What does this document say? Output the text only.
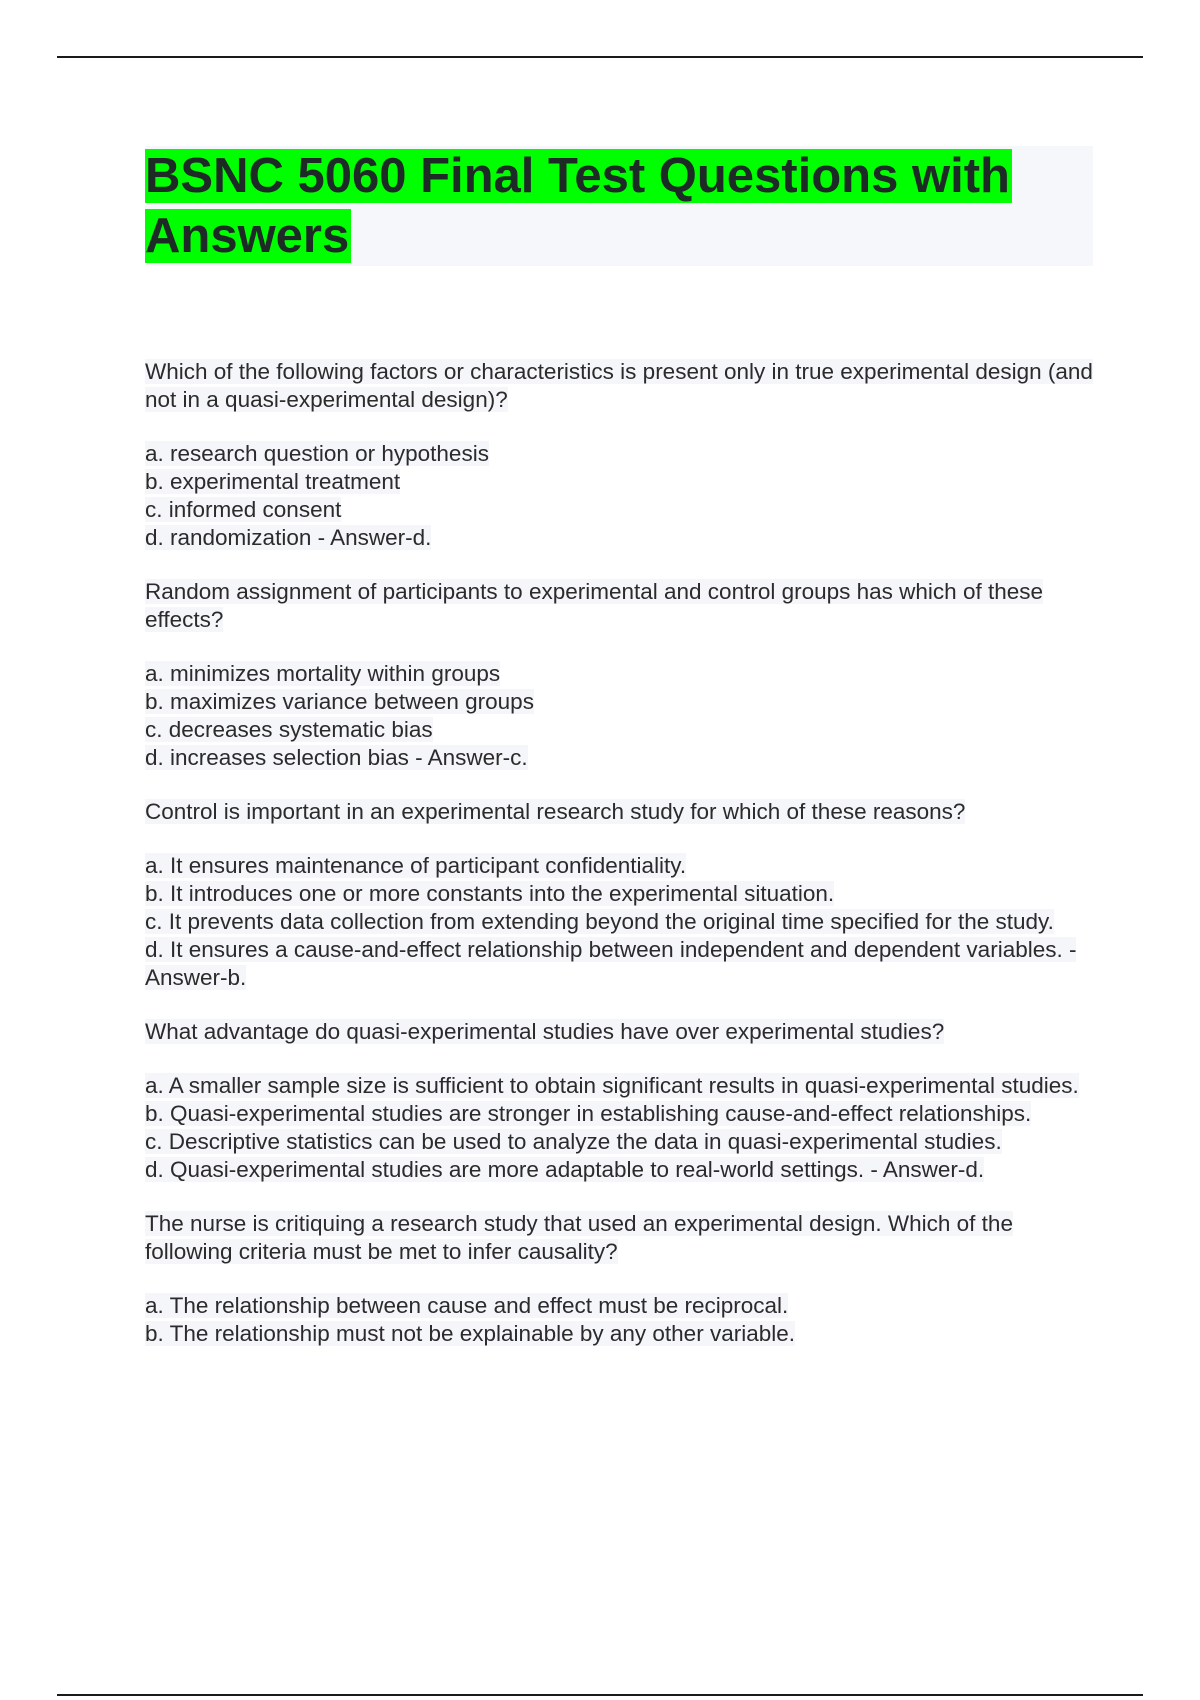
BSNC 5060 Final Test Questions with Answers

Which of the following factors or characteristics is present only in true experimental design (and not in a quasi-experimental design)?

a. research question or hypothesis
b. experimental treatment
c. informed consent
d. randomization - Answer-d.

Random assignment of participants to experimental and control groups has which of these effects?

a. minimizes mortality within groups
b. maximizes variance between groups
c. decreases systematic bias
d. increases selection bias - Answer-c.

Control is important in an experimental research study for which of these reasons?

a. It ensures maintenance of participant confidentiality.
b. It introduces one or more constants into the experimental situation.
c. It prevents data collection from extending beyond the original time specified for the study.
d. It ensures a cause-and-effect relationship between independent and dependent variables. - Answer-b.

What advantage do quasi-experimental studies have over experimental studies?

a. A smaller sample size is sufficient to obtain significant results in quasi-experimental studies.
b. Quasi-experimental studies are stronger in establishing cause-and-effect relationships.
c. Descriptive statistics can be used to analyze the data in quasi-experimental studies.
d. Quasi-experimental studies are more adaptable to real-world settings. - Answer-d.

The nurse is critiquing a research study that used an experimental design. Which of the following criteria must be met to infer causality?

a. The relationship between cause and effect must be reciprocal.
b. The relationship must not be explainable by any other variable.
